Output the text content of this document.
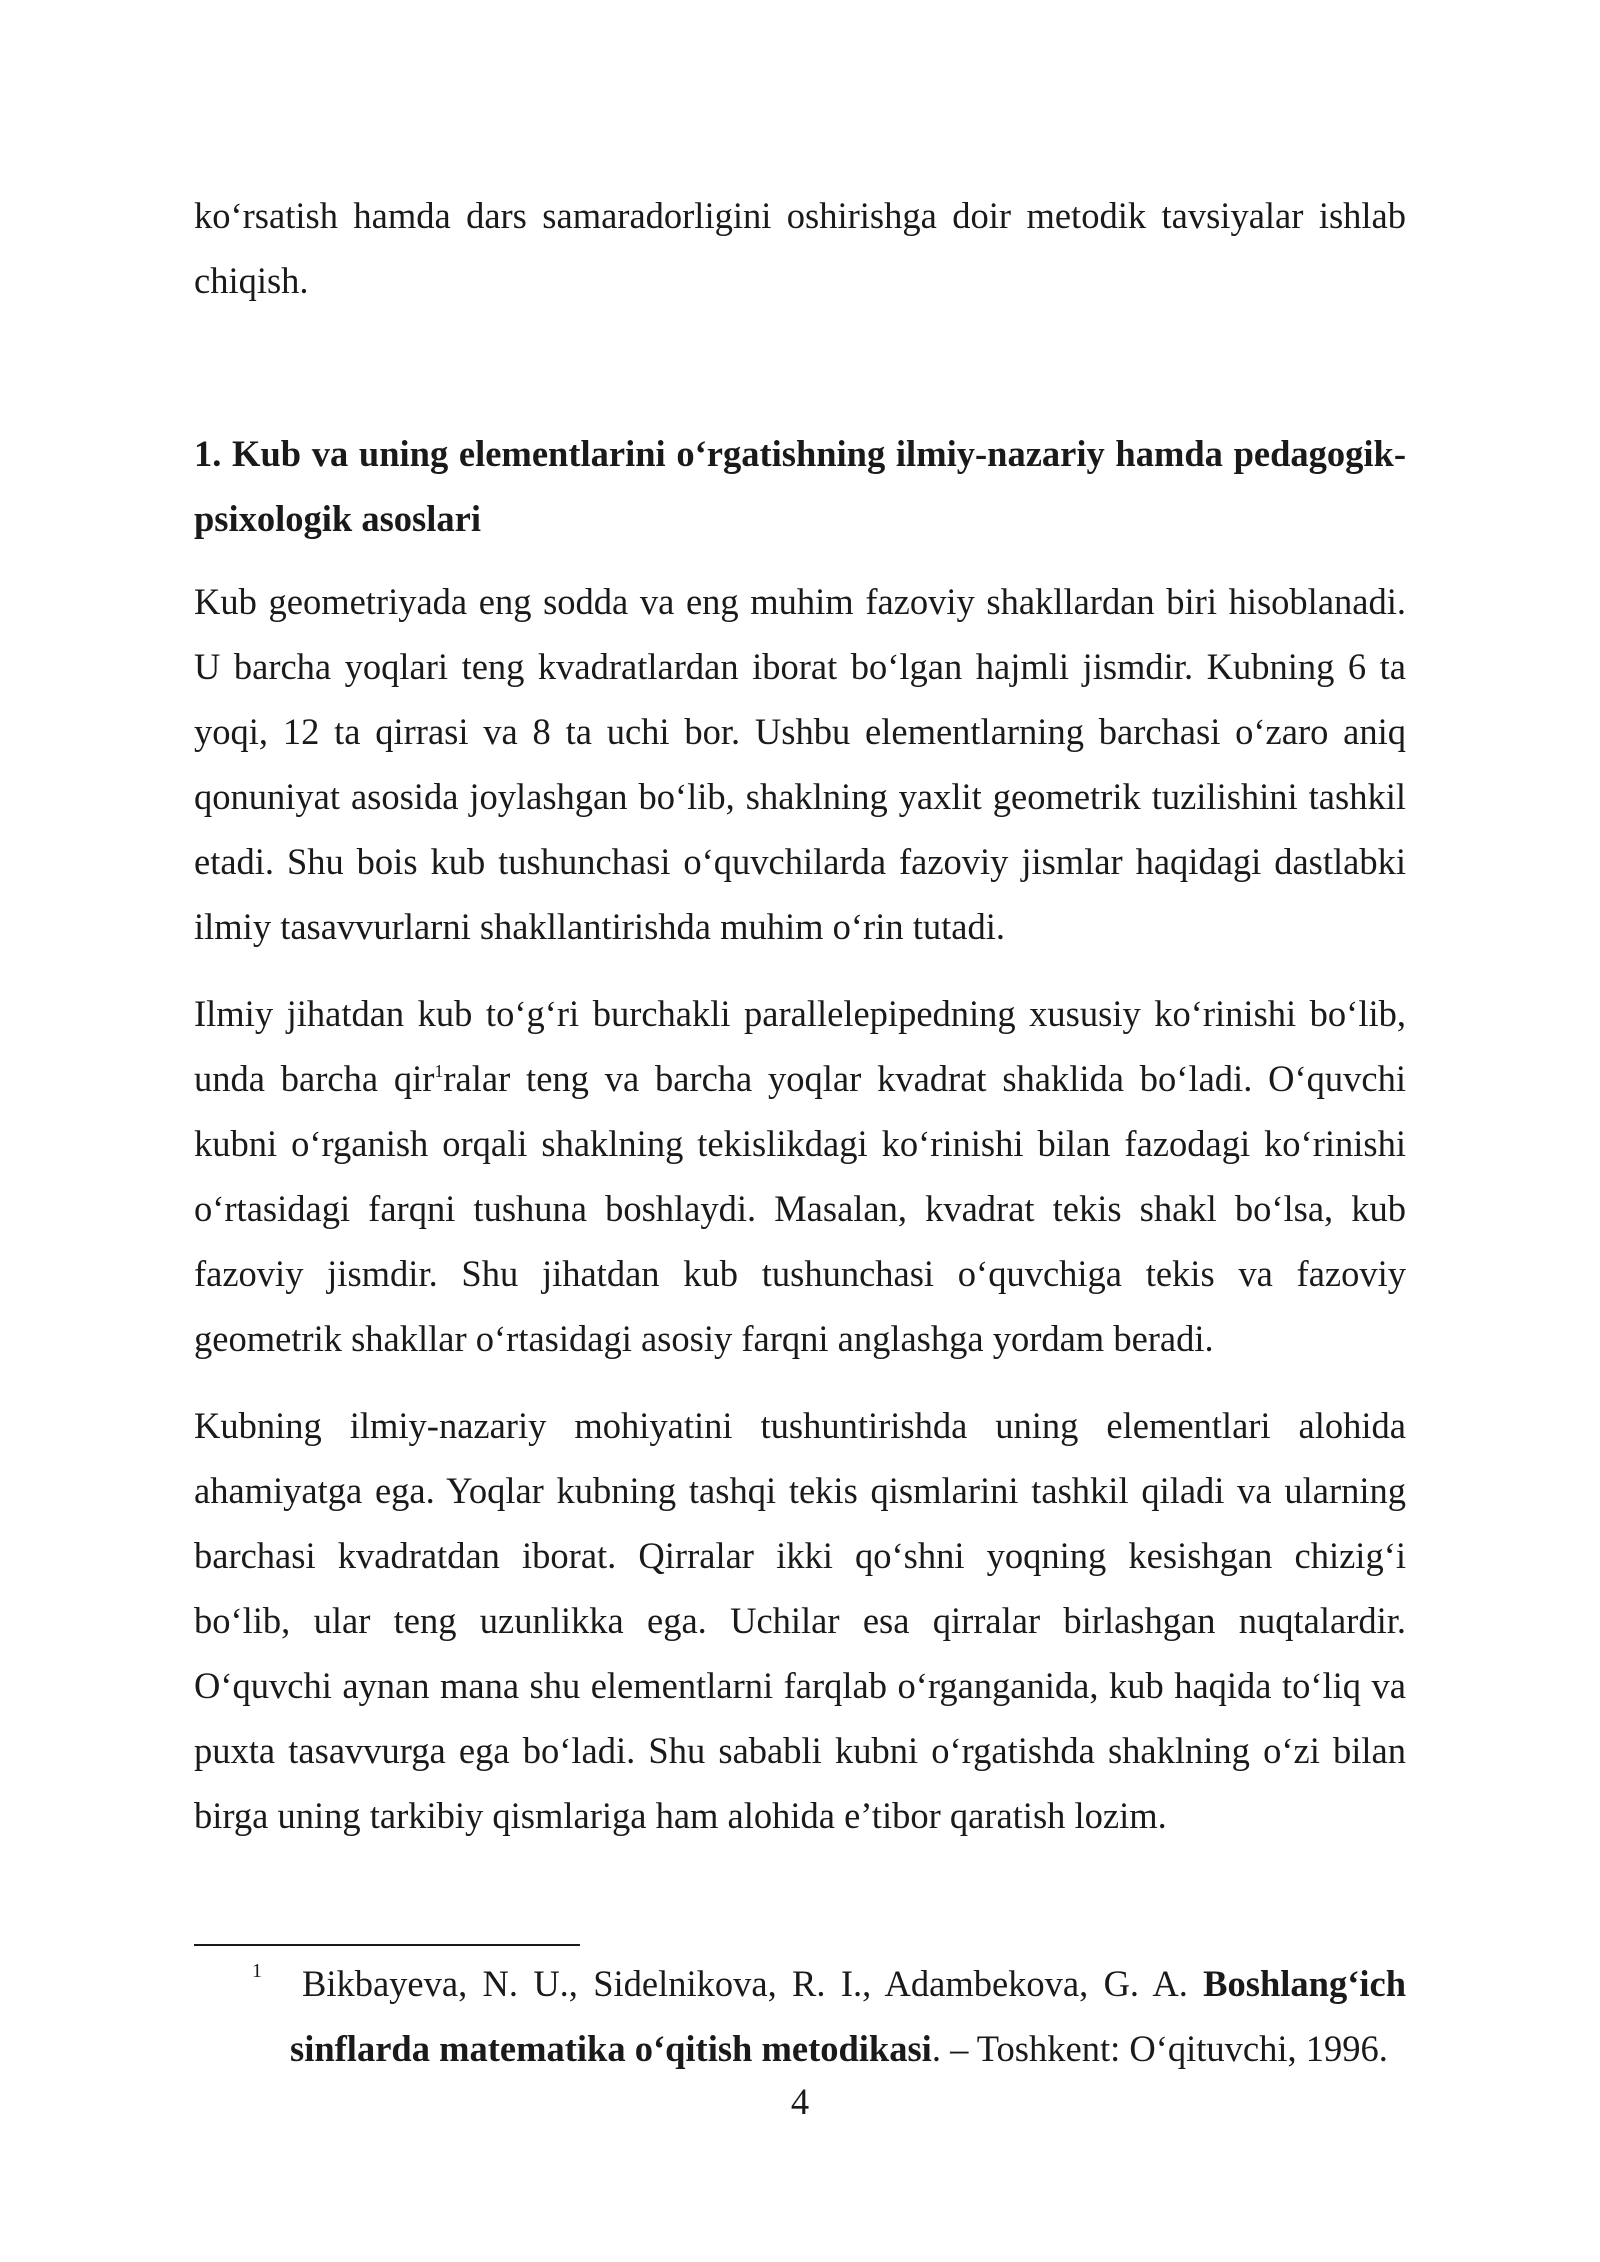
ko‘rsatish hamda dars samaradorligini oshirishga doir metodik tavsiyalar ishlab chiqish.

1. Kub va uning elementlarini o‘rgatishning ilmiy-nazariy hamda pedagogik-psixologik asoslari

Kub geometriyada eng sodda va eng muhim fazoviy shakllardan biri hisoblanadi. U barcha yoqlari teng kvadratlardan iborat bo‘lgan hajmli jismdir. Kubning 6 ta yoqi, 12 ta qirrasi va 8 ta uchi bor. Ushbu elementlarning barchasi o‘zaro aniq qonuniyat asosida joylashgan bo‘lib, shaklning yaxlit geometrik tuzilishini tashkil etadi. Shu bois kub tushunchasi o‘quvchilarda fazoviy jismlar haqidagi dastlabki ilmiy tasavvurlarni shakllantirishda muhim o‘rin tutadi.

Ilmiy jihatdan kub to‘g‘ri burchakli parallelepipedning xususiy ko‘rinishi bo‘lib, unda barcha qir$^1$ralar teng va barcha yoqlar kvadrat shaklida bo‘ladi. O‘quvchi kubni o‘rganish orqali shaklning tekislikdagi ko‘rinishi bilan fazodagi ko‘rinishi o‘rtasidagi farqni tushuna boshlaydi. Masalan, kvadrat tekis shakl bo‘lsa, kub fazoviy jismdir. Shu jihatdan kub tushunchasi o‘quvchiga tekis va fazoviy geometrik shakllar o‘rtasidagi asosiy farqni anglashga yordam beradi.

Kubning ilmiy-nazariy mohiyatini tushuntirishda uning elementlari alohida ahamiyatga ega. Yoqlar kubning tashqi tekis qismlarini tashkil qiladi va ularning barchasi kvadratdan iborat. Qirralar ikki qo‘shni yoqning kesishgan chizig‘i bo‘lib, ular teng uzunlikka ega. Uchilar esa qirralar birlashgan nuqtalardir. O‘quvchi aynan mana shu elementlarni farqlab o‘rganganida, kub haqida to‘liq va puxta tasavvurga ega bo‘ladi. Shu sababli kubni o‘rgatishda shaklning o‘zi bilan birga uning tarkibiy qismlariga ham alohida e’tibor qaratish lozim.

1 Bikbayeva, N. U., Sidelnikova, R. I., Adambekova, G. A. Boshlang‘ich sinflarda matematika o‘qitish metodikasi. – Toshkent: O‘qituvchi, 1996.

4
